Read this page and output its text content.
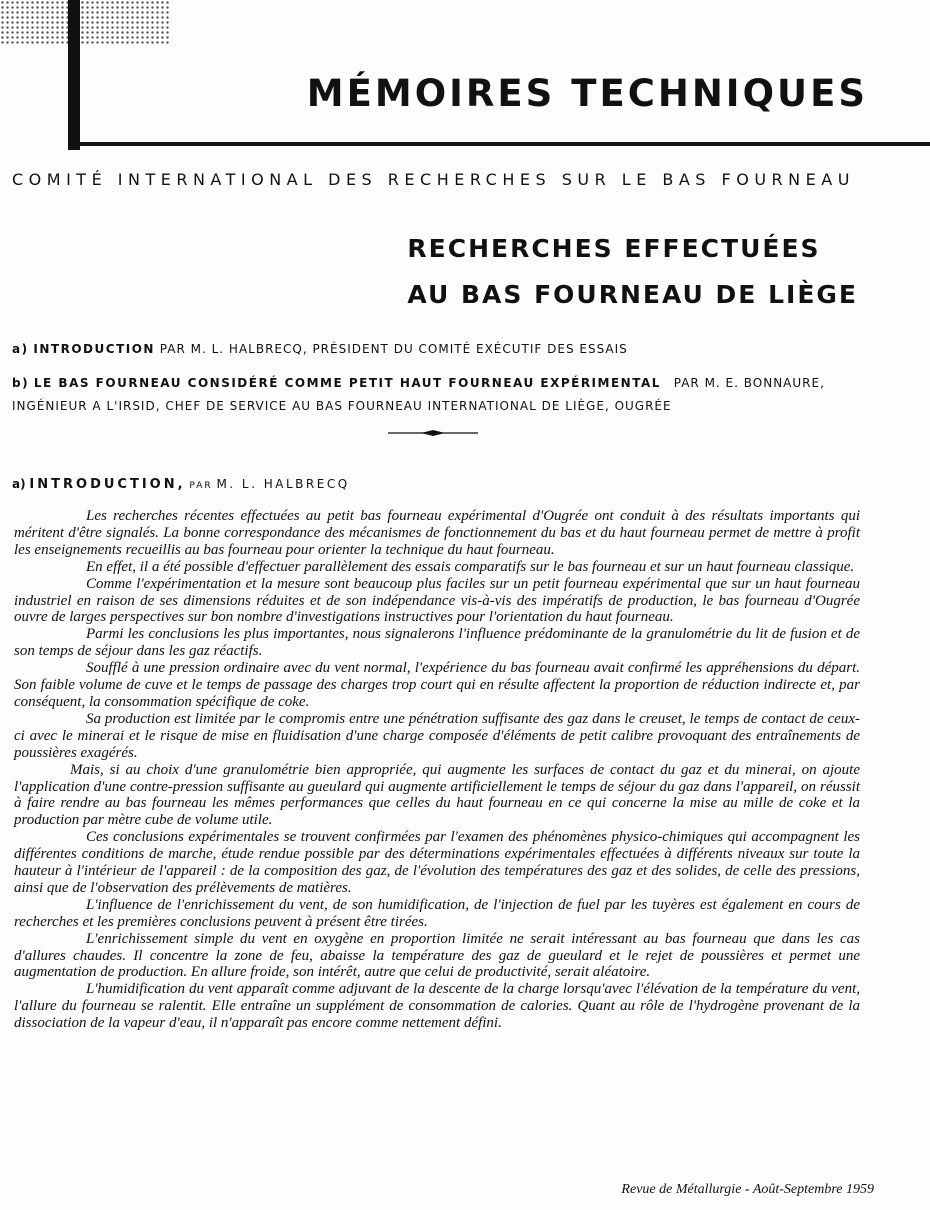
MÉMOIRES TECHNIQUES

COMITÉ INTERNATIONAL DES RECHERCHES SUR LE BAS FOURNEAU

RECHERCHES EFFECTUÉES
AU BAS FOURNEAU DE LIÈGE

a) INTRODUCTION PAR M. L. HALBRECQ, PRÉSIDENT DU COMITÉ EXÉCUTIF DES ESSAIS

b) LE BAS FOURNEAU CONSIDÉRÉ COMME PETIT HAUT FOURNEAU EXPÉRIMENTAL PAR M. E. BONNAURE,
INGÉNIEUR A L'IRSID, CHEF DE SERVICE AU BAS FOURNEAU INTERNATIONAL DE LIÈGE, OUGRÉE

a) INTRODUCTION, PAR M. L. HALBRECQ

Les recherches récentes effectuées au petit bas fourneau expérimental d'Ougrée ont conduit à des résultats importants qui méritent d'être signalés. La bonne correspondance des mécanismes de fonctionnement du bas et du haut fourneau permet de mettre à profit les enseignements recueillis au bas fourneau pour orienter la technique du haut fourneau.

En effet, il a été possible d'effectuer parallèlement des essais comparatifs sur le bas fourneau et sur un haut fourneau classique.

Comme l'expérimentation et la mesure sont beaucoup plus faciles sur un petit fourneau expérimental que sur un haut fourneau industriel en raison de ses dimensions réduites et de son indépendance vis-à-vis des impératifs de production, le bas fourneau d'Ougrée ouvre de larges perspectives sur bon nombre d'investigations instructives pour l'orientation du haut fourneau.

Parmi les conclusions les plus importantes, nous signalerons l'influence prédominante de la granulométrie du lit de fusion et de son temps de séjour dans les gaz réactifs.

Soufflé à une pression ordinaire avec du vent normal, l'expérience du bas fourneau avait confirmé les appréhensions du départ. Son faible volume de cuve et le temps de passage des charges trop court qui en résulte affectent la proportion de réduction indirecte et, par conséquent, la consommation spécifique de coke.

Sa production est limitée par le compromis entre une pénétration suffisante des gaz dans le creuset, le temps de contact de ceux-ci avec le minerai et le risque de mise en fluidisation d'une charge composée d'éléments de petit calibre provoquant des entraînements de poussières exagérés.

Mais, si au choix d'une granulométrie bien appropriée, qui augmente les surfaces de contact du gaz et du minerai, on ajoute l'application d'une contre-pression suffisante au gueulard qui augmente artificiellement le temps de séjour du gaz dans l'appareil, on réussit à faire rendre au bas fourneau les mêmes performances que celles du haut fourneau en ce qui concerne la mise au mille de coke et la production par mètre cube de volume utile.

Ces conclusions expérimentales se trouvent confirmées par l'examen des phénomènes physico-chimiques qui accompagnent les différentes conditions de marche, étude rendue possible par des déterminations expérimentales effectuées à différents niveaux sur toute la hauteur à l'intérieur de l'appareil : de la composition des gaz, de l'évolution des températures des gaz et des solides, de celle des pressions, ainsi que de l'observation des prélèvements de matières.

L'influence de l'enrichissement du vent, de son humidification, de l'injection de fuel par les tuyères est également en cours de recherches et les premières conclusions peuvent à présent être tirées.

L'enrichissement simple du vent en oxygène en proportion limitée ne serait intéressant au bas fourneau que dans les cas d'allures chaudes. Il concentre la zone de feu, abaisse la température des gaz de gueulard et le rejet de poussières et permet une augmentation de production. En allure froide, son intérêt, autre que celui de productivité, serait aléatoire.

L'humidification du vent apparaît comme adjuvant de la descente de la charge lorsqu'avec l'élévation de la température du vent, l'allure du fourneau se ralentit. Elle entraîne un supplément de consommation de calories. Quant au rôle de l'hydrogène provenant de la dissociation de la vapeur d'eau, il n'apparaît pas encore comme nettement défini.

Revue de Métallurgie - Août-Septembre 1959
